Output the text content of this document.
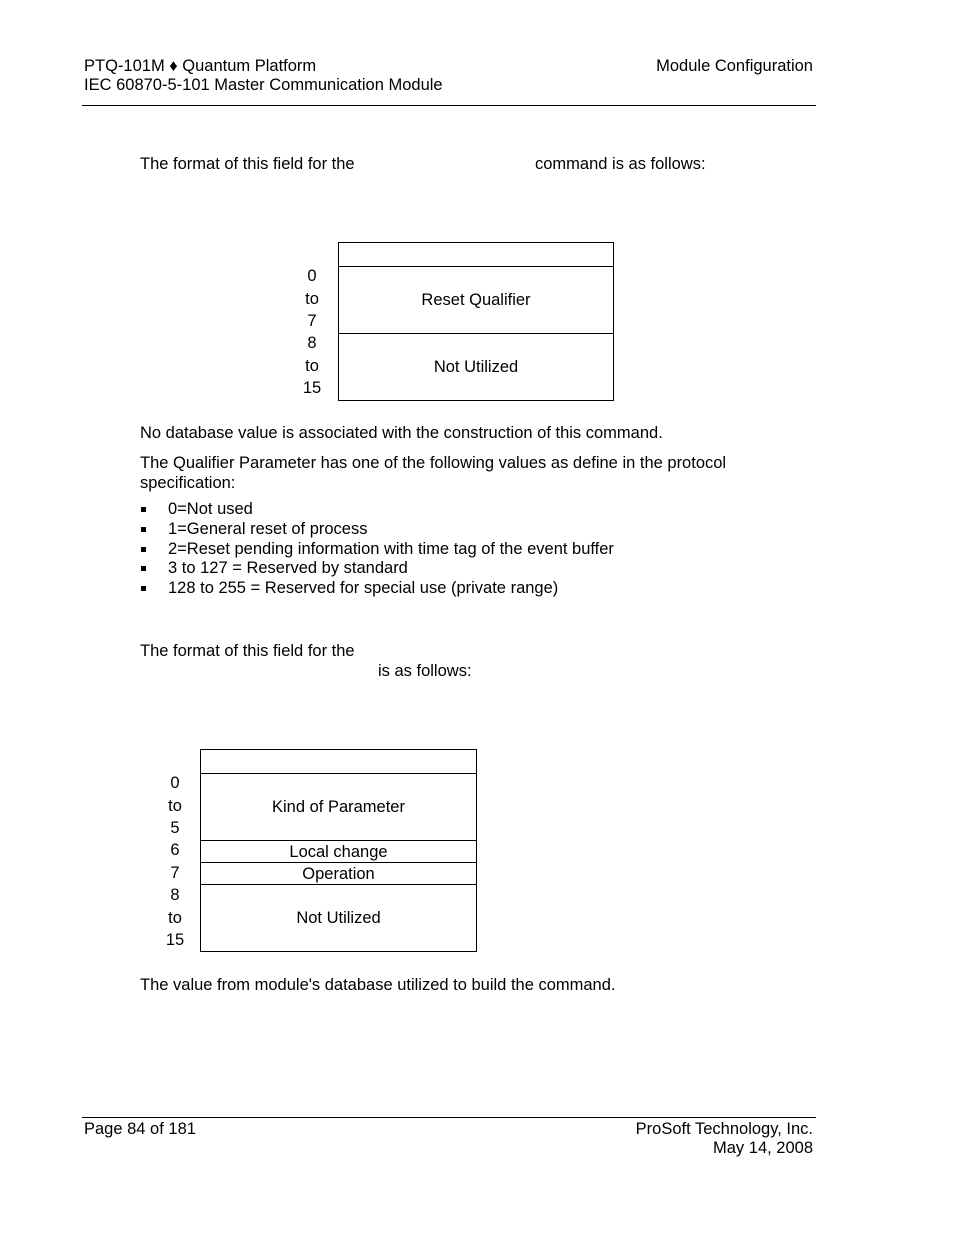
PTQ-101M ♦ Quantum Platform
IEC 60870-5-101 Master Communication Module
Module Configuration
The format of this field for the	command is as follows:
0
to
7
8
to
15
Reset Qualifier
Not Utilized
No database value is associated with the construction of this command.
The Qualifier Parameter has one of the following values as define in the protocol specification:
0=Not used
1=General reset of process
2=Reset pending information with time tag of the event buffer
3 to 127 = Reserved by standard
128 to 255 = Reserved for special use (private range)
The format of this field for the
is as follows:
0
to
5
6
7
8
to
15
Kind of Parameter
Local change
Operation
Not Utilized
The value from module's database utilized to build the command.
Page 84 of 181	ProSoft Technology, Inc.
May 14, 2008
